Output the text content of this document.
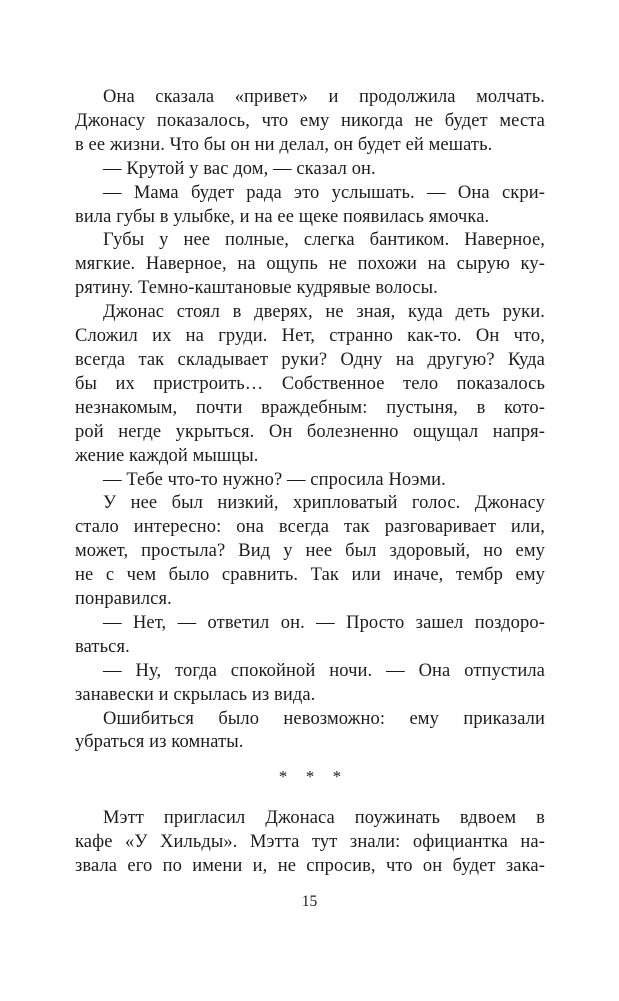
Она сказала «привет» и продолжила молчать.
Джонасу показалось, что ему никогда не будет места
в ее жизни. Что бы он ни делал, он будет ей мешать.

— Крутой у вас дом, — сказал он.

— Мама будет рада это услышать. — Она скри-
вила губы в улыбке, и на ее щеке появилась ямочка.

Губы у нее полные, слегка бантиком. Наверное,
мягкие. Наверное, на ощупь не похожи на сырую ку-
рятину. Темно-каштановые кудрявые волосы.

Джонас стоял в дверях, не зная, куда деть руки.
Сложил их на груди. Нет, странно как-то. Он что,
всегда так складывает руки? Одну на другую? Куда
бы их пристроить… Собственное тело показалось
незнакомым, почти враждебным: пустыня, в кото-
рой негде укрыться. Он болезненно ощущал напря-
жение каждой мышцы.

— Тебе что-то нужно? — спросила Ноэми.

У нее был низкий, хрипловатый голос. Джонасу
стало интересно: она всегда так разговаривает или,
может, простыла? Вид у нее был здоровый, но ему
не с чем было сравнить. Так или иначе, тембр ему
понравился.

— Нет, — ответил он. — Просто зашел поздоро-
ваться.

— Ну, тогда спокойной ночи. — Она отпустила
занавески и скрылась из вида.

Ошибиться было невозможно: ему приказали
убраться из комнаты.

* * *

Мэтт пригласил Джонаса поужинать вдвоем в
кафе «У Хильды». Мэтта тут знали: официантка на-
звала его по имени и, не спросив, что он будет зака-

15
